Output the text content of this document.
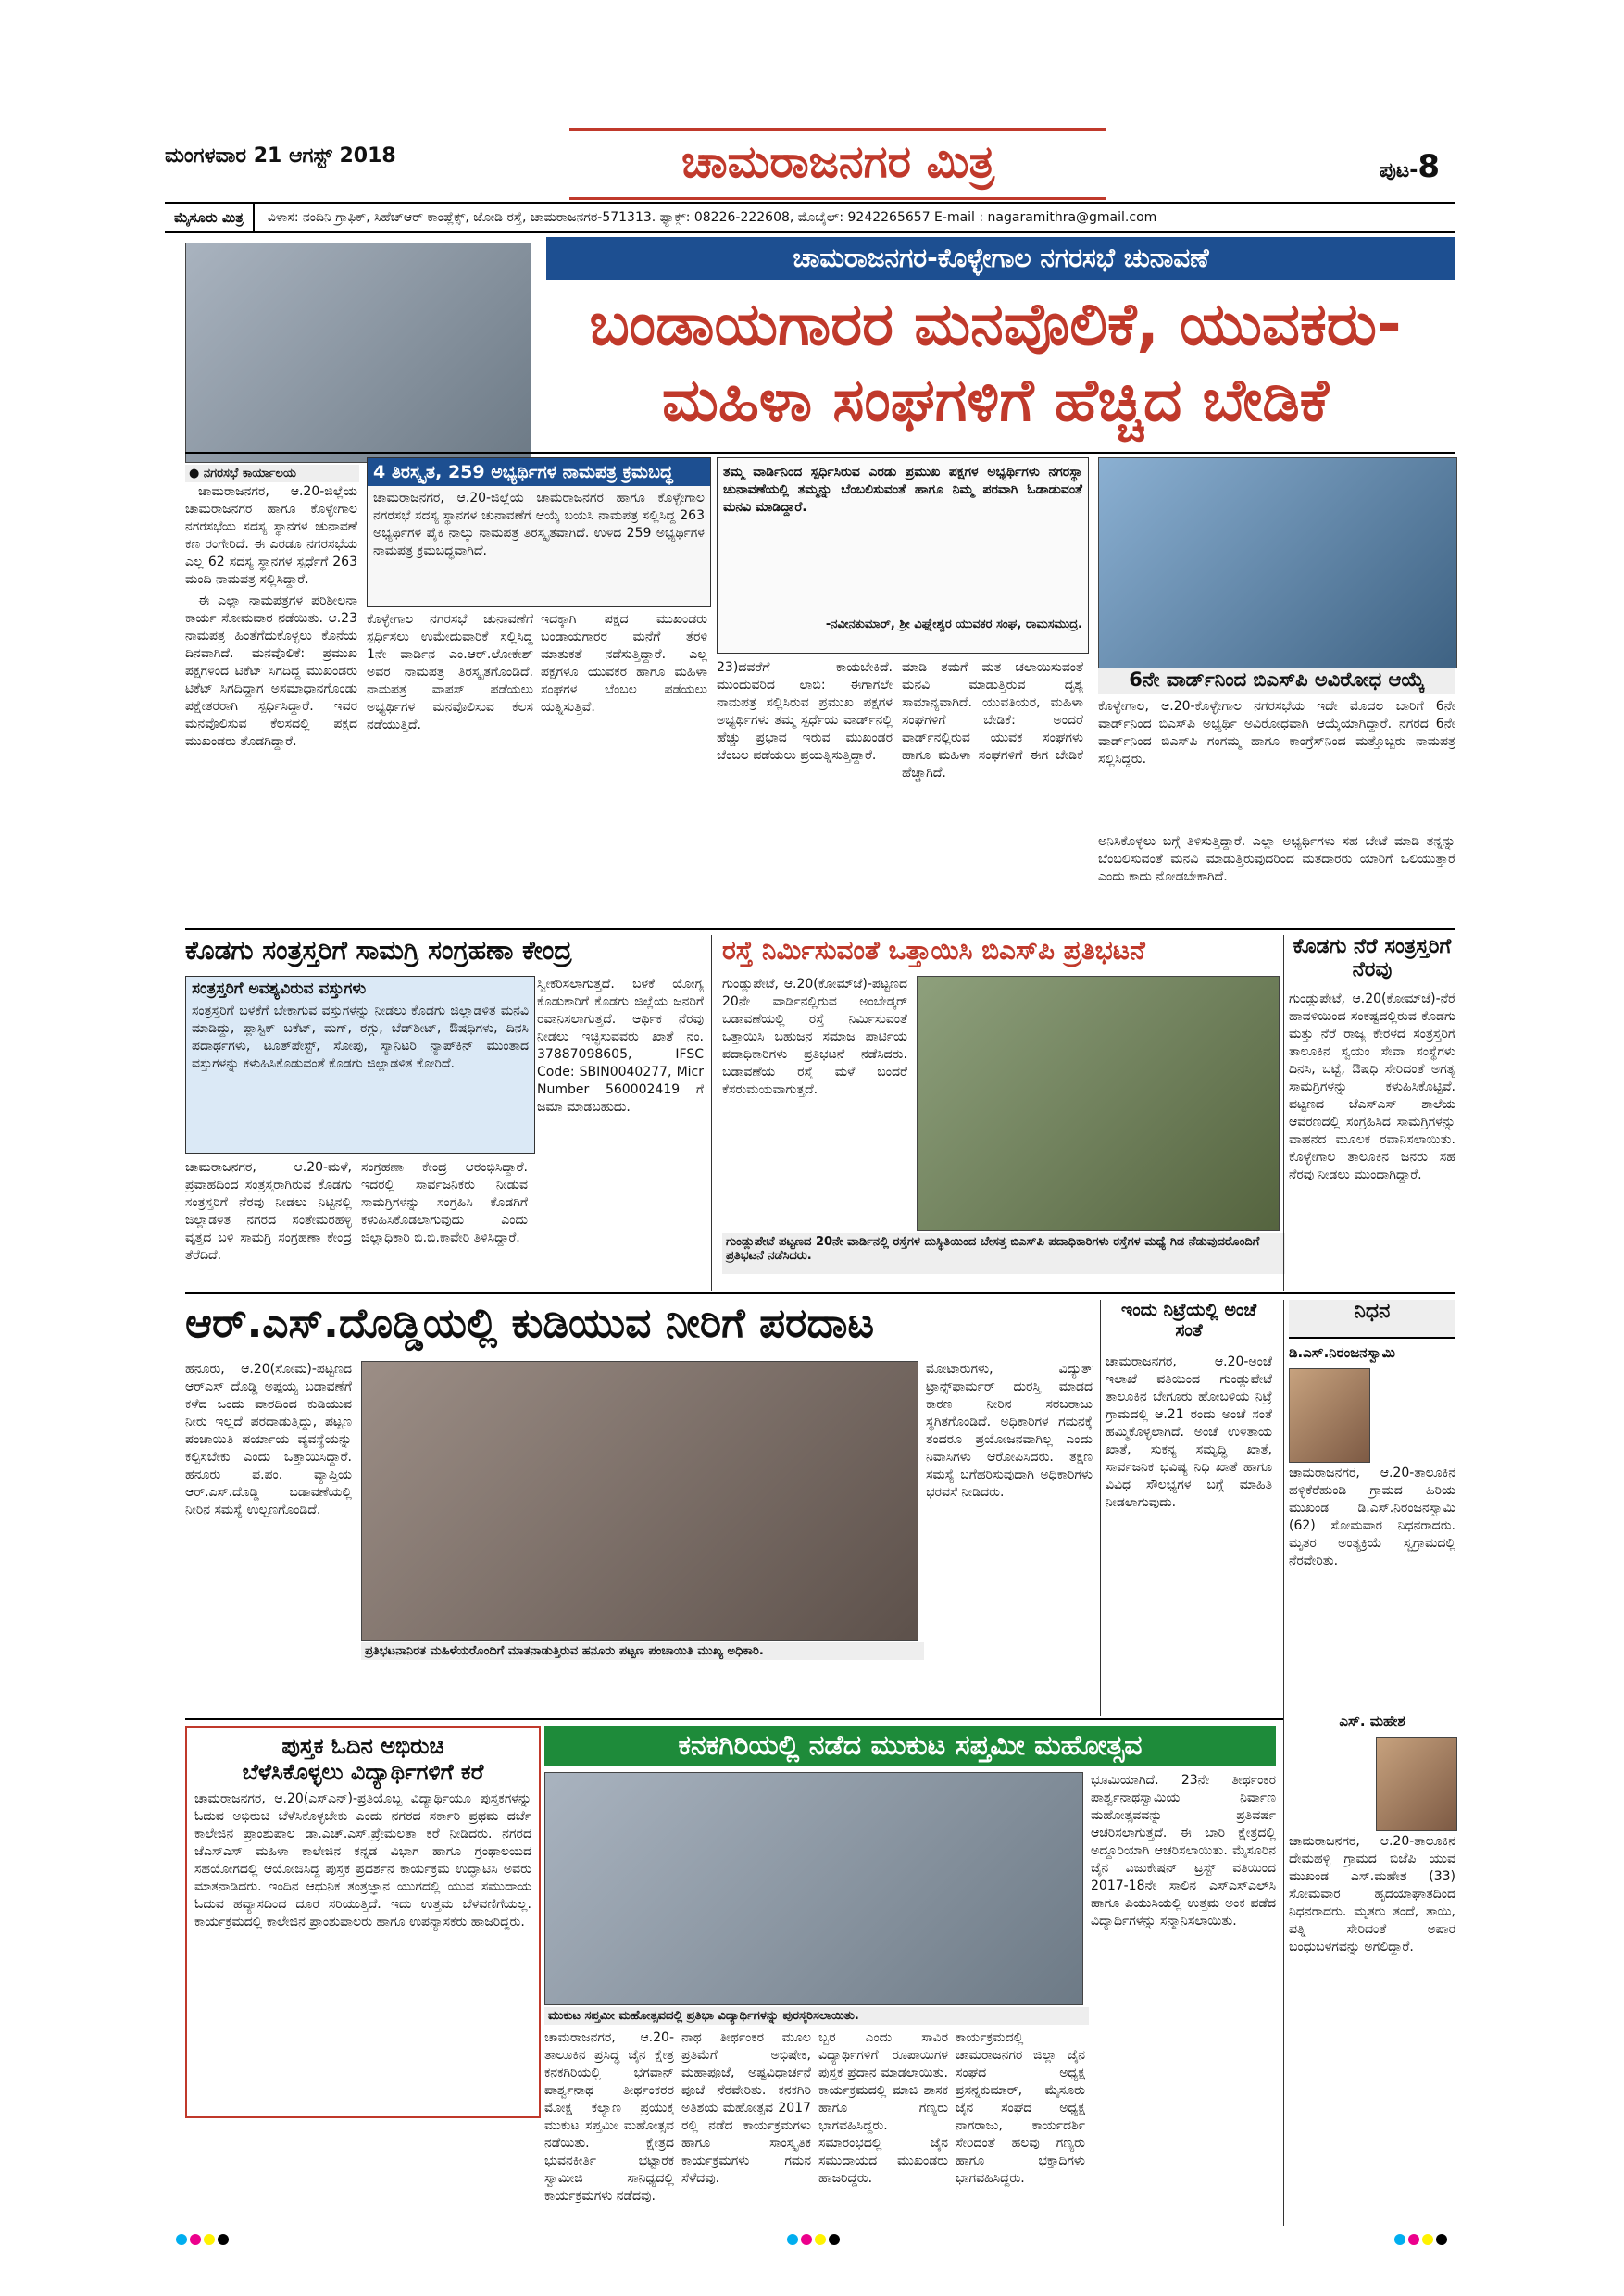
ಮಂಗಳವಾರ 21 ಆಗಸ್ಟ್ 2018	ಚಾಮರಾಜನಗರ ಮಿತ್ರ	ಪುಟ-8
ಮೈಸೂರು ಮಿತ್ರ	ವಿಳಾಸ: ನಂದಿನಿ ಗ್ರಾಫಿಕ್, ಸಿಹೆಚ್‌ಆರ್ ಕಾಂಪ್ಲೆಕ್ಸ್, ಜೋಡಿ ರಸ್ತೆ, ಚಾಮರಾಜನಗರ-571313. ಫ್ಯಾಕ್ಸ್: 08226-222608, ಮೊಬೈಲ್: 9242265657 E-mail : nagaramithra@gmail.com
ಚಾಮರಾಜನಗರ-ಕೊಳ್ಳೇಗಾಲ ನಗರಸಭೆ ಚುನಾವಣೆ
ಬಂಡಾಯಗಾರರ ಮನವೊಲಿಕೆ, ಯುವಕರು-
ಮಹಿಳಾ ಸಂಘಗಳಿಗೆ ಹೆಚ್ಚಿದ ಬೇಡಿಕೆ
● ನಗರಸಭೆ ಕಾರ್ಯಾಲಯ

ಚಾಮರಾಜನಗರ, ಆ.20-ಜಿಲ್ಲೆಯ ಚಾಮರಾಜನಗರ ಹಾಗೂ ಕೊಳ್ಳೇಗಾಲ ನಗರಸಭೆಯ ಸದಸ್ಯ ಸ್ಥಾನಗಳ ಚುನಾವಣೆ ಕಣ ರಂಗೇರಿದೆ. ಈ ಎರಡೂ ನಗರಸಭೆಯ ಎಲ್ಲ 62 ಸದಸ್ಯ ಸ್ಥಾನಗಳ ಸ್ಪರ್ಧೆಗೆ 263 ಮಂದಿ ನಾಮಪತ್ರ ಸಲ್ಲಿಸಿದ್ದಾರೆ.

ಈ ಎಲ್ಲಾ ನಾಮಪತ್ರಗಳ ಪರಿಶೀಲನಾ ಕಾರ್ಯ ಸೋಮವಾರ ನಡೆಯಿತು. ಆ.23 ನಾಮಪತ್ರ ಹಿಂತೆಗೆದುಕೊಳ್ಳಲು ಕೊನೆಯ ದಿನವಾಗಿದೆ. ಮನವೊಲಿಕೆ: ಪ್ರಮುಖ ಪಕ್ಷಗಳಿಂದ ಟಿಕೆಟ್ ಸಿಗದಿದ್ದ ಮುಖಂಡರು ಟಿಕೆಟ್ ಸಿಗದಿದ್ದಾಗ ಅಸಮಾಧಾನಗೊಂಡು ಪಕ್ಷೇತರರಾಗಿ ಸ್ಪರ್ಧಿಸಿದ್ದಾರೆ. ಇವರ ಮನವೊಲಿಸುವ ಕೆಲಸದಲ್ಲಿ ಪಕ್ಷದ ಮುಖಂಡರು ತೊಡಗಿದ್ದಾರೆ.

4 ತಿರಸ್ಕೃತ, 259 ಅಭ್ಯರ್ಥಿಗಳ ನಾಮಪತ್ರ ಕ್ರಮಬದ್ಧ
ಚಾಮರಾಜನಗರ, ಆ.20-ಜಿಲ್ಲೆಯ ಚಾಮರಾಜನಗರ ಹಾಗೂ ಕೊಳ್ಳೇಗಾಲ ನಗರಸಭೆ ಸದಸ್ಯ ಸ್ಥಾನಗಳ ಚುನಾವಣೆಗೆ ಆಯ್ಕೆ ಬಯಸಿ ನಾಮಪತ್ರ ಸಲ್ಲಿಸಿದ್ದ 263 ಅಭ್ಯರ್ಥಿಗಳ ಪೈಕಿ ನಾಲ್ಕು ನಾಮಪತ್ರ ತಿರಸ್ಕೃತವಾಗಿದೆ. ಉಳಿದ 259 ಅಭ್ಯರ್ಥಿಗಳ ನಾಮಪತ್ರ ಕ್ರಮಬದ್ಧವಾಗಿದೆ.
ಕೊಳ್ಳೇಗಾಲ ನಗರಸಭೆ ಚುನಾವಣೆಗೆ ಸ್ಪರ್ಧಿಸಲು ಉಮೇದುವಾರಿಕೆ ಸಲ್ಲಿಸಿದ್ದ 1ನೇ ವಾರ್ಡಿನ ಎಂ.ಆರ್.ಲೋಕೇಶ್ ಅವರ ನಾಮಪತ್ರ ತಿರಸ್ಕೃತಗೊಂಡಿದೆ. ನಾಮಪತ್ರ ವಾಪಸ್ ಪಡೆಯಲು ಅಭ್ಯರ್ಥಿಗಳ ಮನವೊಲಿಸುವ ಕೆಲಸ ನಡೆಯುತ್ತಿದೆ.
ಇದಕ್ಕಾಗಿ ಪಕ್ಷದ ಮುಖಂಡರು ಬಂಡಾಯಗಾರರ ಮನೆಗೆ ತೆರಳಿ ಮಾತುಕತೆ ನಡೆಸುತ್ತಿದ್ದಾರೆ. ಎಲ್ಲ ಪಕ್ಷಗಳೂ ಯುವಕರ ಹಾಗೂ ಮಹಿಳಾ ಸಂಘಗಳ ಬೆಂಬಲ ಪಡೆಯಲು ಯತ್ನಿಸುತ್ತಿವೆ.
ತಮ್ಮ ವಾರ್ಡಿನಿಂದ ಸ್ಪರ್ಧಿಸಿರುವ ಎರಡು ಪ್ರಮುಖ ಪಕ್ಷಗಳ ಅಭ್ಯರ್ಥಿಗಳು ನಗರಸ್ಥಾ ಚುನಾವಣೆಯಲ್ಲಿ ತಮ್ಮನ್ನು ಬೆಂಬಲಿಸುವಂತೆ ಹಾಗೂ ನಿಮ್ಮ ಪರವಾಗಿ ಓಡಾಡುವಂತೆ ಮನವಿ ಮಾಡಿದ್ದಾರೆ.
-ನವೀನಕುಮಾರ್, ಶ್ರೀ ವಿಘ್ನೇಶ್ವರ ಯುವಕರ ಸಂಘ, ರಾಮಸಮುದ್ರ.
23)ದವರೆಗೆ ಕಾಯಬೇಕಿದೆ. ಮುಂದುವರಿದ ಲಾಬಿ: ಈಗಾಗಲೇ ನಾಮಪತ್ರ ಸಲ್ಲಿಸಿರುವ ಪ್ರಮುಖ ಪಕ್ಷಗಳ ಅಭ್ಯರ್ಥಿಗಳು ತಮ್ಮ ಸ್ಪರ್ಧೆಯ ವಾರ್ಡ್‌ನಲ್ಲಿ ಹೆಚ್ಚು ಪ್ರಭಾವ ಇರುವ ಮುಖಂಡರ ಬೆಂಬಲ ಪಡೆಯಲು ಪ್ರಯತ್ನಿಸುತ್ತಿದ್ದಾರೆ.
ಮಾಡಿ ತಮಗೆ ಮತ ಚಲಾಯಿಸುವಂತೆ ಮನವಿ ಮಾಡುತ್ತಿರುವ ದೃಶ್ಯ ಸಾಮಾನ್ಯವಾಗಿದೆ. ಯುವತಿಯರ, ಮಹಿಳಾ ಸಂಘಗಳಿಗೆ ಬೇಡಿಕೆ: ಅಂದರೆ ವಾರ್ಡ್‌ನಲ್ಲಿರುವ ಯುವಕ ಸಂಘಗಳು ಹಾಗೂ ಮಹಿಳಾ ಸಂಘಗಳಿಗೆ ಈಗ ಬೇಡಿಕೆ ಹೆಚ್ಚಾಗಿದೆ.
6ನೇ ವಾರ್ಡ್‌ನಿಂದ ಬಿಎಸ್‌ಪಿ ಅವಿರೋಧ ಆಯ್ಕೆ
ಕೊಳ್ಳೇಗಾಲ, ಆ.20-ಕೊಳ್ಳೇಗಾಲ ನಗರಸಭೆಯ ಇದೇ ಮೊದಲ ಬಾರಿಗೆ 6ನೇ ವಾರ್ಡ್‌ನಿಂದ ಬಿಎಸ್‌ಪಿ ಅಭ್ಯರ್ಥಿ ಅವಿರೋಧವಾಗಿ ಆಯ್ಕೆಯಾಗಿದ್ದಾರೆ. ನಗರದ 6ನೇ ವಾರ್ಡ್‌ನಿಂದ ಬಿಎಸ್‌ಪಿ ಗಂಗಮ್ಮ ಹಾಗೂ ಕಾಂಗ್ರೆಸ್‌ನಿಂದ ಮತ್ತೊಬ್ಬರು ನಾಮಪತ್ರ ಸಲ್ಲಿಸಿದ್ದರು.
ಅನಿಸಿಕೊಳ್ಳಲು ಬಗ್ಗೆ ತಿಳಿಸುತ್ತಿದ್ದಾರೆ. ಎಲ್ಲಾ ಅಭ್ಯರ್ಥಿಗಳು ಸಹ ಬೇಟೆ ಮಾಡಿ ತನ್ನನ್ನು ಬೆಂಬಲಿಸುವಂತೆ ಮನವಿ ಮಾಡುತ್ತಿರುವುದರಿಂದ ಮತದಾರರು ಯಾರಿಗೆ ಒಲಿಯುತ್ತಾರೆ ಎಂದು ಕಾದು ನೋಡಬೇಕಾಗಿದೆ.
ಕೊಡಗು ಸಂತ್ರಸ್ತರಿಗೆ ಸಾಮಗ್ರಿ ಸಂಗ್ರಹಣಾ ಕೇಂದ್ರ
ಸಂತ್ರಸ್ತರಿಗೆ ಅವಶ್ಯವಿರುವ ವಸ್ತುಗಳು
ಸಂತ್ರಸ್ತರಿಗೆ ಬಳಕೆಗೆ ಬೇಕಾಗುವ ವಸ್ತುಗಳನ್ನು ನೀಡಲು ಕೊಡಗು ಜಿಲ್ಲಾಡಳಿತ ಮನವಿ ಮಾಡಿದ್ದು, ಪ್ಲಾಸ್ಟಿಕ್ ಬಕೆಟ್, ಮಗ್, ರಗ್ಗು, ಬೆಡ್‌ಶೀಟ್, ಔಷಧಿಗಳು, ದಿನಸಿ ಪದಾರ್ಥಗಳು, ಟೂತ್‌ಪೇಸ್ಟ್, ಸೋಪು, ಸ್ಯಾನಿಟರಿ ನ್ಯಾಪ್‌ಕಿನ್ ಮುಂತಾದ ವಸ್ತುಗಳನ್ನು ಕಳುಹಿಸಿಕೊಡುವಂತೆ ಕೊಡಗು ಜಿಲ್ಲಾಡಳಿತ ಕೋರಿದೆ.
ಸ್ವೀಕರಿಸಲಾಗುತ್ತದೆ. ಬಳಕೆ ಯೋಗ್ಯ ಕೊಡುಕಾರಿಗೆ ಕೊಡಗು ಜಿಲ್ಲೆಯ ಜನರಿಗೆ ರವಾನಿಸಲಾಗುತ್ತದೆ. ಆರ್ಥಿಕ ನೆರವು ನೀಡಲು ಇಚ್ಛಿಸುವವರು ಖಾತೆ ನಂ. 37887098605, IFSC Code: SBIN0040277, Micr Number 560002419 ಗೆ ಜಮಾ ಮಾಡಬಹುದು.
ಚಾಮರಾಜನಗರ, ಆ.20-ಮಳೆ, ಪ್ರವಾಹದಿಂದ ಸಂತ್ರಸ್ತರಾಗಿರುವ ಕೊಡಗು ಸಂತ್ರಸ್ತರಿಗೆ ನೆರವು ನೀಡಲು ನಿಟ್ಟಿನಲ್ಲಿ ಜಿಲ್ಲಾಡಳಿತ ನಗರದ ಸಂತೇಮರಹಳ್ಳಿ ವೃತ್ತದ ಬಳಿ ಸಾಮಗ್ರಿ ಸಂಗ್ರಹಣಾ ಕೇಂದ್ರ ತೆರೆದಿದೆ.
ಸಂಗ್ರಹಣಾ ಕೇಂದ್ರ ಆರಂಭಿಸಿದ್ದಾರೆ. ಇದರಲ್ಲಿ ಸಾರ್ವಜನಿಕರು ನೀಡುವ ಸಾಮಗ್ರಿಗಳನ್ನು ಸಂಗ್ರಹಿಸಿ ಕೊಡಗಿಗೆ ಕಳುಹಿಸಿಕೊಡಲಾಗುವುದು ಎಂದು ಜಿಲ್ಲಾಧಿಕಾರಿ ಬಿ.ಬಿ.ಕಾವೇರಿ ತಿಳಿಸಿದ್ದಾರೆ.
ರಸ್ತೆ ನಿರ್ಮಿಸುವಂತೆ ಒತ್ತಾಯಿಸಿ ಬಿಎಸ್‌ಪಿ ಪ್ರತಿಭಟನೆ
ಗುಂಡ್ಲುಪೇಟೆ, ಆ.20(ಕೋಮ್‌ಜೆ)-ಪಟ್ಟಣದ 20ನೇ ವಾರ್ಡಿನಲ್ಲಿರುವ ಅಂಬೇಡ್ಕರ್ ಬಡಾವಣೆಯಲ್ಲಿ ರಸ್ತೆ ನಿರ್ಮಿಸುವಂತೆ ಒತ್ತಾಯಿಸಿ ಬಹುಜನ ಸಮಾಜ ಪಾರ್ಟಿಯ ಪದಾಧಿಕಾರಿಗಳು ಪ್ರತಿಭಟನೆ ನಡೆಸಿದರು. ಬಡಾವಣೆಯ ರಸ್ತೆ ಮಳೆ ಬಂದರೆ ಕೆಸರುಮಯವಾಗುತ್ತದೆ.
ಗುಂಡ್ಲುಪೇಟೆ ಪಟ್ಟಣದ 20ನೇ ವಾರ್ಡಿನಲ್ಲಿ ರಸ್ತೆಗಳ ದುಸ್ಥಿತಿಯಿಂದ ಬೇಸತ್ತ ಬಿಎಸ್‌ಪಿ ಪದಾಧಿಕಾರಿಗಳು ರಸ್ತೆಗಳ ಮಧ್ಯೆ ಗಿಡ ನೆಡುವುದರೊಂದಿಗೆ ಪ್ರತಿಭಟನೆ ನಡೆಸಿದರು.
ಕೊಡಗು ನೆರೆ ಸಂತ್ರಸ್ತರಿಗೆ ನೆರವು
ಗುಂಡ್ಲುಪೇಟೆ, ಆ.20(ಕೋಮ್‌ಜೆ)-ನೆರೆ ಹಾವಳಿಯಿಂದ ಸಂಕಷ್ಟದಲ್ಲಿರುವ ಕೊಡಗು ಮತ್ತು ನೆರೆ ರಾಜ್ಯ ಕೇರಳದ ಸಂತ್ರಸ್ತರಿಗೆ ತಾಲೂಕಿನ ಸ್ವಯಂ ಸೇವಾ ಸಂಸ್ಥೆಗಳು ದಿನಸಿ, ಬಟ್ಟೆ, ಔಷಧಿ ಸೇರಿದಂತೆ ಅಗತ್ಯ ಸಾಮಗ್ರಿಗಳನ್ನು ಕಳುಹಿಸಿಕೊಟ್ಟಿವೆ. ಪಟ್ಟಣದ ಜೆಎಸ್‌ಎಸ್ ಶಾಲೆಯ ಆವರಣದಲ್ಲಿ ಸಂಗ್ರಹಿಸಿದ ಸಾಮಗ್ರಿಗಳನ್ನು ವಾಹನದ ಮೂಲಕ ರವಾನಿಸಲಾಯಿತು. ಕೊಳ್ಳೇಗಾಲ ತಾಲೂಕಿನ ಜನರು ಸಹ ನೆರವು ನೀಡಲು ಮುಂದಾಗಿದ್ದಾರೆ.
ಆರ್.ಎಸ್.ದೊಡ್ಡಿಯಲ್ಲಿ ಕುಡಿಯುವ ನೀರಿಗೆ ಪರದಾಟ
ಹನೂರು, ಆ.20(ಸೋಮ)-ಪಟ್ಟಣದ ಆರ್‌ಎಸ್ ದೊಡ್ಡಿ ಅಪ್ಪಯ್ಯ ಬಡಾವಣೆಗೆ ಕಳೆದ ಒಂದು ವಾರದಿಂದ ಕುಡಿಯುವ ನೀರು ಇಲ್ಲದೆ ಪರದಾಡುತ್ತಿದ್ದು, ಪಟ್ಟಣ ಪಂಚಾಯಿತಿ ಪರ್ಯಾಯ ವ್ಯವಸ್ಥೆಯನ್ನು ಕಲ್ಪಿಸಬೇಕು ಎಂದು ಒತ್ತಾಯಿಸಿದ್ದಾರೆ. ಹನೂರು ಪ.ಪಂ. ವ್ಯಾಪ್ತಿಯ ಆರ್.ಎಸ್.ದೊಡ್ಡಿ ಬಡಾವಣೆಯಲ್ಲಿ ನೀರಿನ ಸಮಸ್ಯೆ ಉಲ್ಬಣಗೊಂಡಿದೆ.
ಪ್ರತಿಭಟನಾನಿರತ ಮಹಿಳೆಯರೊಂದಿಗೆ ಮಾತನಾಡುತ್ತಿರುವ ಹನೂರು ಪಟ್ಟಣ ಪಂಚಾಯಿತಿ ಮುಖ್ಯ ಅಧಿಕಾರಿ.
ಮೋಟಾರುಗಳು, ವಿದ್ಯುತ್ ಟ್ರಾನ್ಸ್‌ಫಾರ್ಮರ್ ದುರಸ್ತಿ ಮಾಡದ ಕಾರಣ ನೀರಿನ ಸರಬರಾಜು ಸ್ಥಗಿತಗೊಂಡಿದೆ. ಅಧಿಕಾರಿಗಳ ಗಮನಕ್ಕೆ ತಂದರೂ ಪ್ರಯೋಜನವಾಗಿಲ್ಲ ಎಂದು ನಿವಾಸಿಗಳು ಆರೋಪಿಸಿದರು. ತಕ್ಷಣ ಸಮಸ್ಯೆ ಬಗೆಹರಿಸುವುದಾಗಿ ಅಧಿಕಾರಿಗಳು ಭರವಸೆ ನೀಡಿದರು.
ಇಂದು ನಿಟ್ರೆಯಲ್ಲಿ ಅಂಚೆ ಸಂತೆ
ಚಾಮರಾಜನಗರ, ಆ.20-ಅಂಚೆ ಇಲಾಖೆ ವತಿಯಿಂದ ಗುಂಡ್ಲುಪೇಟೆ ತಾಲೂಕಿನ ಬೇಗೂರು ಹೋಬಳಿಯ ನಿಟ್ರೆ ಗ್ರಾಮದಲ್ಲಿ ಆ.21 ರಂದು ಅಂಚೆ ಸಂತೆ ಹಮ್ಮಿಕೊಳ್ಳಲಾಗಿದೆ. ಅಂಚೆ ಉಳಿತಾಯ ಖಾತೆ, ಸುಕನ್ಯ ಸಮೃದ್ಧಿ ಖಾತೆ, ಸಾರ್ವಜನಿಕ ಭವಿಷ್ಯ ನಿಧಿ ಖಾತೆ ಹಾಗೂ ವಿವಿಧ ಸೌಲಭ್ಯಗಳ ಬಗ್ಗೆ ಮಾಹಿತಿ ನೀಡಲಾಗುವುದು.
ನಿಧನ
ಡಿ.ಎಸ್.ನಿರಂಜನಸ್ವಾಮಿ
ಚಾಮರಾಜನಗರ, ಆ.20-ತಾಲೂಕಿನ ಹಳ್ಳಿಕೆರೆಹುಂಡಿ ಗ್ರಾಮದ ಹಿರಿಯ ಮುಖಂಡ ಡಿ.ಎಸ್.ನಿರಂಜನಸ್ವಾಮಿ (62) ಸೋಮವಾರ ನಿಧನರಾದರು. ಮೃತರ ಅಂತ್ಯಕ್ರಿಯೆ ಸ್ವಗ್ರಾಮದಲ್ಲಿ ನೆರವೇರಿತು.
ಎಸ್. ಮಹೇಶ
ಚಾಮರಾಜನಗರ, ಆ.20-ತಾಲೂಕಿನ ದೇಮಹಳ್ಳಿ ಗ್ರಾಮದ ಬಿಜೆಪಿ ಯುವ ಮುಖಂಡ ಎಸ್.ಮಹೇಶ (33) ಸೋಮವಾರ ಹೃದಯಾಘಾತದಿಂದ ನಿಧನರಾದರು. ಮೃತರು ತಂದೆ, ತಾಯಿ, ಪತ್ನಿ ಸೇರಿದಂತೆ ಅಪಾರ ಬಂಧುಬಳಗವನ್ನು ಅಗಲಿದ್ದಾರೆ.
ಪುಸ್ತಕ ಓದಿನ ಅಭಿರುಚಿ
ಬೆಳೆಸಿಕೊಳ್ಳಲು ವಿದ್ಯಾರ್ಥಿಗಳಿಗೆ ಕರೆ
ಚಾಮರಾಜನಗರ, ಆ.20(ಎಸ್‌ಎನ್)-ಪ್ರತಿಯೊಬ್ಬ ವಿದ್ಯಾರ್ಥಿಯೂ ಪುಸ್ತಕಗಳನ್ನು ಓದುವ ಅಭಿರುಚಿ ಬೆಳೆಸಿಕೊಳ್ಳಬೇಕು ಎಂದು ನಗರದ ಸರ್ಕಾರಿ ಪ್ರಥಮ ದರ್ಜೆ ಕಾಲೇಜಿನ ಪ್ರಾಂಶುಪಾಲ ಡಾ.ಎಚ್.ಎಸ್.ಪ್ರೇಮಲತಾ ಕರೆ ನೀಡಿದರು. ನಗರದ ಜೆಎಸ್‌ಎಸ್ ಮಹಿಳಾ ಕಾಲೇಜಿನ ಕನ್ನಡ ವಿಭಾಗ ಹಾಗೂ ಗ್ರಂಥಾಲಯದ ಸಹಯೋಗದಲ್ಲಿ ಆಯೋಜಿಸಿದ್ದ ಪುಸ್ತಕ ಪ್ರದರ್ಶನ ಕಾರ್ಯಕ್ರಮ ಉದ್ಘಾಟಿಸಿ ಅವರು ಮಾತನಾಡಿದರು. ಇಂದಿನ ಆಧುನಿಕ ತಂತ್ರಜ್ಞಾನ ಯುಗದಲ್ಲಿ ಯುವ ಸಮುದಾಯ ಓದುವ ಹವ್ಯಾಸದಿಂದ ದೂರ ಸರಿಯುತ್ತಿದೆ. ಇದು ಉತ್ತಮ ಬೆಳವಣಿಗೆಯಲ್ಲ. ಕಾರ್ಯಕ್ರಮದಲ್ಲಿ ಕಾಲೇಜಿನ ಪ್ರಾಂಶುಪಾಲರು ಹಾಗೂ ಉಪನ್ಯಾಸಕರು ಹಾಜರಿದ್ದರು.
ಕನಕಗಿರಿಯಲ್ಲಿ ನಡೆದ ಮುಕುಟ ಸಪ್ತಮೀ ಮಹೋತ್ಸವ
ಮುಕುಟ ಸಪ್ತಮೀ ಮಹೋತ್ಸವದಲ್ಲಿ ಪ್ರತಿಭಾ ವಿದ್ಯಾರ್ಥಿಗಳನ್ನು ಪುರಸ್ಕರಿಸಲಾಯಿತು.
ಭೂಮಿಯಾಗಿದೆ. 23ನೇ ತೀರ್ಥಂಕರ ಪಾರ್ಶ್ವನಾಥಸ್ವಾಮಿಯ ನಿರ್ವಾಣ ಮಹೋತ್ಸವವನ್ನು ಪ್ರತಿವರ್ಷ ಆಚರಿಸಲಾಗುತ್ತದೆ. ಈ ಬಾರಿ ಕ್ಷೇತ್ರದಲ್ಲಿ ಅದ್ದೂರಿಯಾಗಿ ಆಚರಿಸಲಾಯಿತು. ಮೈಸೂರಿನ ಜೈನ ಎಜುಕೇಷನ್ ಟ್ರಸ್ಟ್ ವತಿಯಿಂದ 2017-18ನೇ ಸಾಲಿನ ಎಸ್‌ಎಸ್‌ಎಲ್‌ಸಿ ಹಾಗೂ ಪಿಯುಸಿಯಲ್ಲಿ ಉತ್ತಮ ಅಂಕ ಪಡೆದ ವಿದ್ಯಾರ್ಥಿಗಳನ್ನು ಸನ್ಮಾನಿಸಲಾಯಿತು.
ಚಾಮರಾಜನಗರ, ಆ.20-ತಾಲೂಕಿನ ಪ್ರಸಿದ್ಧ ಜೈನ ಕ್ಷೇತ್ರ ಕನಕಗಿರಿಯಲ್ಲಿ ಭಗವಾನ್ ಪಾರ್ಶ್ವನಾಥ ತೀರ್ಥಂಕರರ ಮೋಕ್ಷ ಕಲ್ಯಾಣ ಪ್ರಯುಕ್ತ ಮುಕುಟ ಸಪ್ತಮೀ ಮಹೋತ್ಸವ ನಡೆಯಿತು. ಕ್ಷೇತ್ರದ ಭುವನಕೀರ್ತಿ ಭಟ್ಟಾರಕ ಸ್ವಾಮೀಜಿ ಸಾನಿಧ್ಯದಲ್ಲಿ ಕಾರ್ಯಕ್ರಮಗಳು ನಡೆದವು.
ನಾಥ ತೀರ್ಥಂಕರ ಮೂಲ ಪ್ರತಿಮೆಗೆ ಅಭಿಷೇಕ, ಮಹಾಪೂಜೆ, ಅಷ್ಟವಿಧಾರ್ಚನೆ ಪೂಜೆ ನೆರವೇರಿತು. ಕನಕಗಿರಿ ಅತಿಶಯ ಮಹೋತ್ಸವ 2017 ರಲ್ಲಿ ನಡೆದ ಕಾರ್ಯಕ್ರಮಗಳು ಹಾಗೂ ಸಾಂಸ್ಕೃತಿಕ ಕಾರ್ಯಕ್ರಮಗಳು ಗಮನ ಸೆಳೆದವು.
ಬ್ಬರ ಎಂದು ಸಾವಿರ ವಿದ್ಯಾರ್ಥಿಗಳಿಗೆ ರೂಪಾಯಿಗಳ ಪುಸ್ತಕ ಪ್ರದಾನ ಮಾಡಲಾಯಿತು. ಕಾರ್ಯಕ್ರಮದಲ್ಲಿ ಮಾಜಿ ಶಾಸಕ ಹಾಗೂ ಗಣ್ಯರು ಭಾಗವಹಿಸಿದ್ದರು. ಸಮಾರಂಭದಲ್ಲಿ ಜೈನ ಸಮುದಾಯದ ಮುಖಂಡರು ಹಾಜರಿದ್ದರು.
ಕಾರ್ಯಕ್ರಮದಲ್ಲಿ ಚಾಮರಾಜನಗರ ಜಿಲ್ಲಾ ಜೈನ ಸಂಘದ ಅಧ್ಯಕ್ಷ ಪ್ರಸನ್ನಕುಮಾರ್, ಮೈಸೂರು ಜೈನ ಸಂಘದ ಅಧ್ಯಕ್ಷ ನಾಗರಾಜು, ಕಾರ್ಯದರ್ಶಿ ಸೇರಿದಂತೆ ಹಲವು ಗಣ್ಯರು ಹಾಗೂ ಭಕ್ತಾದಿಗಳು ಭಾಗವಹಿಸಿದ್ದರು.
